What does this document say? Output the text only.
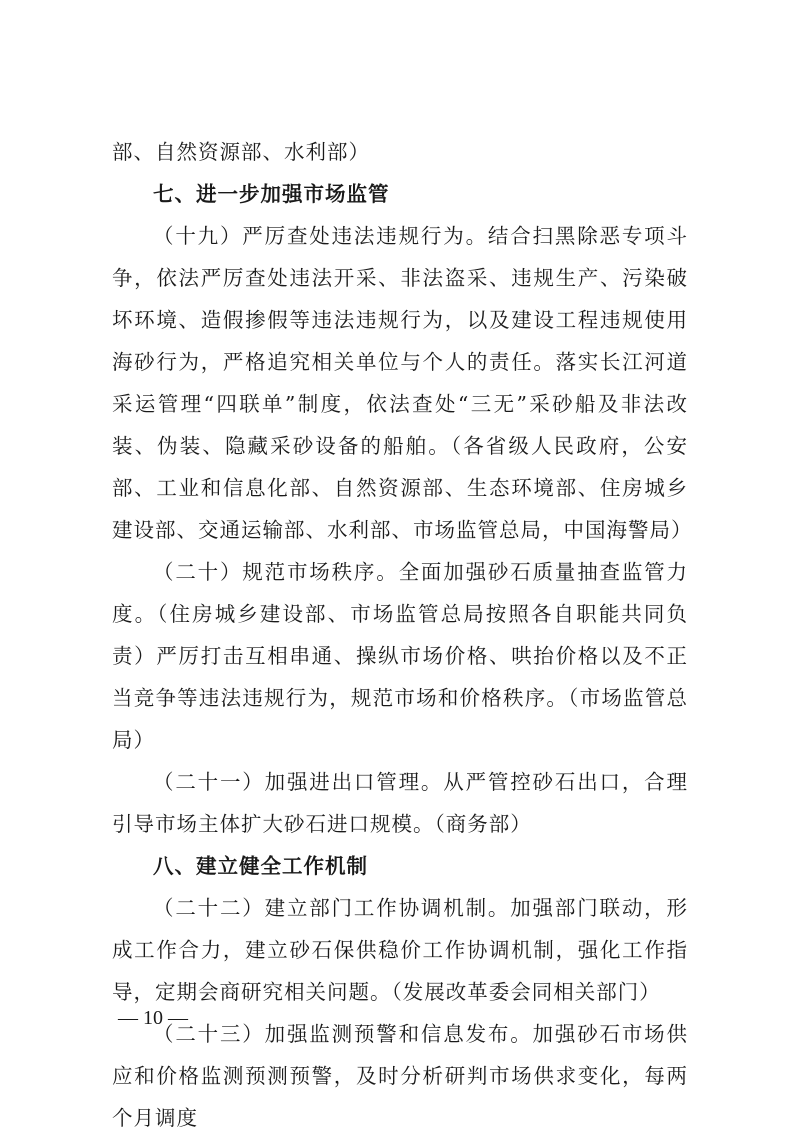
部、自然资源部、水利部）

七、进一步加强市场监管

（十九）严厉查处违法违规行为。结合扫黑除恶专项斗争，依法严厉查处违法开采、非法盗采、违规生产、污染破坏环境、造假掺假等违法违规行为，以及建设工程违规使用海砂行为，严格追究相关单位与个人的责任。落实长江河道采运管理“四联单”制度，依法查处“三无”采砂船及非法改装、伪装、隐藏采砂设备的船舶。（各省级人民政府，公安部、工业和信息化部、自然资源部、生态环境部、住房城乡建设部、交通运输部、水利部、市场监管总局，中国海警局）

（二十）规范市场秩序。全面加强砂石质量抽查监管力度。（住房城乡建设部、市场监管总局按照各自职能共同负责）严厉打击互相串通、操纵市场价格、哄抬价格以及不正当竞争等违法违规行为，规范市场和价格秩序。（市场监管总局）

（二十一）加强进出口管理。从严管控砂石出口，合理引导市场主体扩大砂石进口规模。（商务部）

八、建立健全工作机制

（二十二）建立部门工作协调机制。加强部门联动，形成工作合力，建立砂石保供稳价工作协调机制，强化工作指导，定期会商研究相关问题。（发展改革委会同相关部门）

（二十三）加强监测预警和信息发布。加强砂石市场供应和价格监测预测预警，及时分析研判市场供求变化，每两个月调度

— 10 —
